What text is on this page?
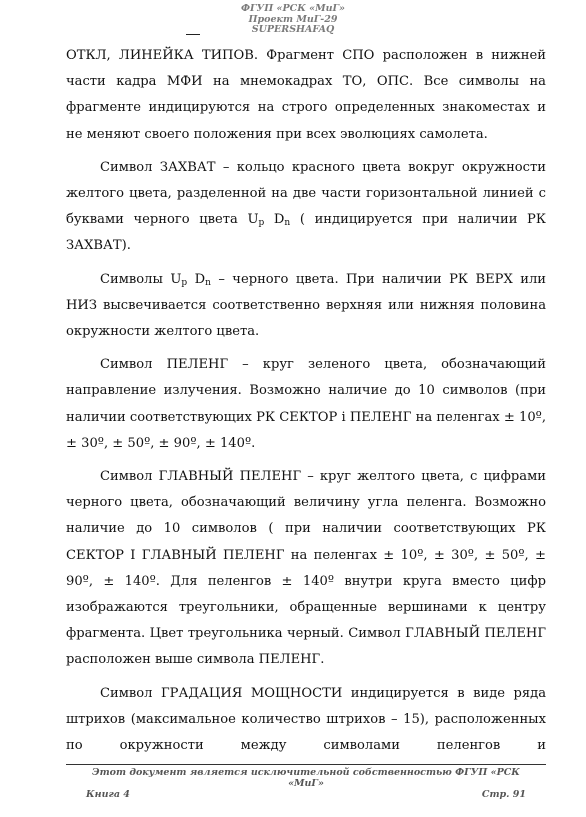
ФГУП «РСК «МиГ»
Проект МиГ-29
SUPERSHAFAQ

ОТКЛ, ЛИНЕЙКА ТИПОВ. Фрагмент СПО расположен в нижней части кадра МФИ на мнемокадрах ТО, ОПС. Все символы на фрагменте индицируются на строго определенных знакоместах и не меняют своего положения при всех эволюциях самолета.

Символ ЗАХВАТ – кольцо красного цвета вокруг окружности желтого цвета, разделенной на две части горизонтальной линией с буквами черного цвета $U_p$ $D_n$ ( индицируется при наличии РК ЗАХВАТ).

Символы $U_p$ $D_n$ – черного цвета. При наличии РК ВЕРХ или НИЗ высвечивается соответственно верхняя или нижняя половина окружности желтого цвета.

Символ ПЕЛЕНГ – круг зеленого цвета, обозначающий направление излучения. Возможно наличие до 10 символов (при наличии соответствующих РК СЕКТОР i ПЕЛЕНГ на пеленгах ± 10º, ± 30º, ± 50º, ± 90º, ± 140º.

Символ ГЛАВНЫЙ ПЕЛЕНГ – круг желтого цвета, с цифрами черного цвета, обозначающий величину угла пеленга. Возможно наличие до 10 символов ( при наличии соответствующих РК СЕКТОР I ГЛАВНЫЙ ПЕЛЕНГ на пеленгах ± 10º, ± 30º, ± 50º, ± 90º, ± 140º. Для пеленгов ± 140º внутри круга вместо цифр изображаются треугольники, обращенные вершинами к центру фрагмента. Цвет треугольника черный. Символ ГЛАВНЫЙ ПЕЛЕНГ расположен выше символа ПЕЛЕНГ.

Символ ГРАДАЦИЯ МОЩНОСТИ индицируется в виде ряда штрихов (максимальное количество штрихов – 15), расположенных по окружности между символами пеленгов и

Этот документ является исключительной собственностью ФГУП «РСК «МиГ»
Книга 4	Стр. 91
